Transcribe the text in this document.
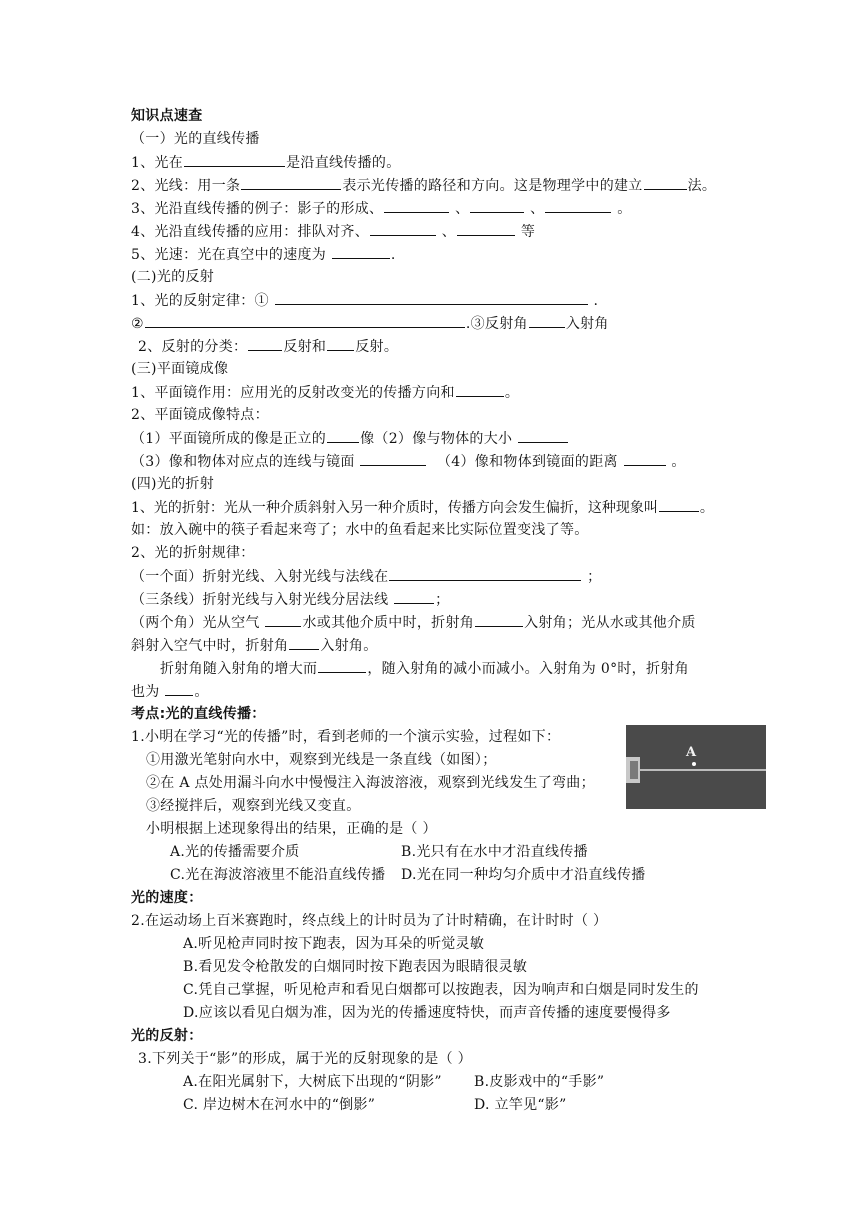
知识点速查
（一）光的直线传播
1、光在	是沿直线传播的。
2、光线：用一条	表示光传播的路径和方向。这是物理学中的建立	法。
3、光沿直线传播的例子：影子的形成、	、	、	。
4、光沿直线传播的应用：排队对齐、	、	等
5、光速：光在真空中的速度为	.
(二)光的反射
1、光的反射定律：①	.
②	.③反射角	入射角
2、反射的分类：	反射和 反射。
(三)平面镜成像
1、平面镜作用：应用光的反射改变光的传播方向和	。
2、平面镜成像特点：
（1）平面镜所成的像是正立的 像（2）像与物体的大小
（3）像和物体对应点的连线与镜面	（4）像和物体到镜面的距离	。
(四)光的折射
1、光的折射：光从一种介质斜射入另一种介质时，传播方向会发生偏折，这种现象叫	。
如：放入碗中的筷子看起来弯了；水中的鱼看起来比实际位置变浅了等。
2、光的折射规律：
（一个面）折射光线、入射光线与法线在	；
（三条线）折射光线与入射光线分居法线	；
（两个角）光从空气	水或其他介质中时，折射角	入射角；光从水或其他介质
斜射入空气中时，折射角 入射角。
折射角随入射角的增大而	，随入射角的减小而减小。入射角为 0°时，折射角
也为 。
考点:光的直线传播：
1.小明在学习“光的传播”时，看到老师的一个演示实验，过程如下：
①用激光笔射向水中，观察到光线是一条直线（如图）；
②在 A 点处用漏斗向水中慢慢注入海波溶液，观察到光线发生了弯曲；
③经搅拌后，观察到光线又变直。
小明根据上述现象得出的结果，正确的是（ ）
A.光的传播需要介质	B.光只有在水中才沿直线传播
C.光在海波溶液里不能沿直线传播 D.光在同一种均匀介质中才沿直线传播
A
光的速度：
2.在运动场上百米赛跑时，终点线上的计时员为了计时精确，在计时时（ ）
A.听见枪声同时按下跑表，因为耳朵的听觉灵敏
B.看见发令枪散发的白烟同时按下跑表因为眼睛很灵敏
C.凭自己掌握，听见枪声和看见白烟都可以按跑表，因为响声和白烟是同时发生的
D.应该以看见白烟为准，因为光的传播速度特快，而声音传播的速度要慢得多
光的反射：
3.下列关于“影”的形成，属于光的反射现象的是（ ）
A.在阳光属射下，大树底下出现的“阴影” B.皮影戏中的“手影”
C. 岸边树木在河水中的“倒影”	D. 立竿见“影”
